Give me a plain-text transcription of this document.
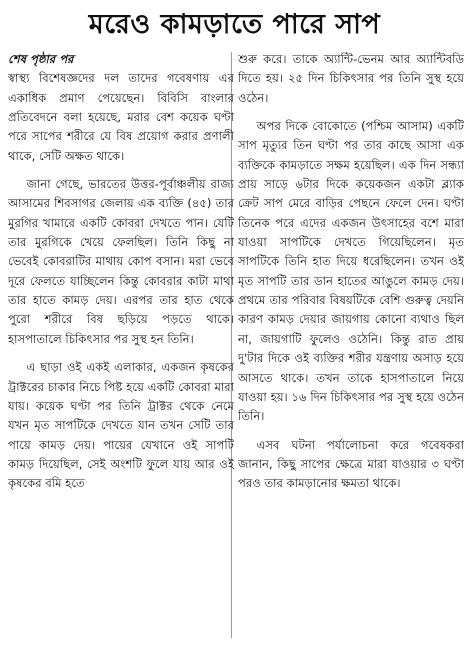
মরেও কামড়াতে পারে সাপ
শেষ পৃষ্ঠার পর

স্বাস্থ্য বিশেষজ্ঞদের দল তাদের গবেষণায় এর একাধিক প্রমাণ পেয়েছেন। বিবিসি বাংলার প্রতিবেদনে বলা হয়েছে, মরার বেশ কয়েক ঘণ্টা পরে সাপের শরীরে যে বিষ প্রয়োগ করার প্রণালী থাকে, সেটি অক্ষত থাকে।

জানা গেছে, ভারতের উত্তর-পূর্বাঞ্চলীয় রাজ্য আসামের শিবসাগর জেলায় এক ব্যক্তি (৪৫) তার মুরগির খামারে একটি কোবরা দেখতে পান। যেটি তার মুরগিকে খেয়ে ফেলছিল। তিনি কিছু না ভেবেই কোবরাটির মাথায় কোপ বসান। মরা ভেবে দূরে ফেলতে যাচ্ছিলেন কিন্তু কোবরার কাটা মাথা তার হাতে কামড় দেয়। এরপর তার হাত থেকে পুরো শরীরে বিষ ছড়িয়ে পড়তে থাকে। হাসপাতালে চিকিৎসার পর সুস্থ হন তিনি।

এ ছাড়া ওই একই এলাকার, একজন কৃষকের ট্রাক্টরের চাকার নিচে পিষ্ট হয়ে একটি কোবরা মারা যায়। কয়েক ঘণ্টা পর তিনি ট্রাক্টর থেকে নেমে যখন মৃত সাপটিকে দেখতে যান তখন সেটি তার পায়ে কামড় দেয়। পায়ের যেখানে ওই সাপটি কামড় দিয়েছিল, সেই অংশটি ফুলে যায় আর ওই কৃষকের বমি হতে

শুরু করে। তাকে অ্যান্টি-ভেনম আর অ্যান্টিবডি দিতে হয়। ২৫ দিন চিকিৎসার পর তিনি সুস্থ হয়ে ওঠেন।

অপর দিকে বোকোতে (পশ্চিম আসাম) একটি সাপ মৃত্যুর তিন ঘণ্টা পর তার কাছে আসা এক ব্যক্তিকে কামড়াতে সক্ষম হয়েছিল। এক দিন সন্ধ্যা প্রায় সাড়ে ৬টার দিকে কয়েকজন একটা ব্ল্যাক ক্রেট সাপ মেরে বাড়ির পেছনে ফেলে দেন। ঘণ্টা তিনেক পরে এদের একজন উৎসাহের বশে মারা যাওয়া সাপটিকে দেখতে গিয়েছিলেন। মৃত সাপটিকে তিনি হাত দিয়ে ধরেছিলেন। তখন ওই মৃত সাপটি তার ডান হাতের আঙুলে কামড় দেয়। প্রথমে তার পরিবার বিষয়টিকে বেশি গুরুত্ব দেয়নি কারণ কামড় দেয়ার জায়গায় কোনো ব্যথাও ছিল না, জায়গাটি ফুলেও ওঠেনি। কিন্তু রাত প্রায় দু'টার দিকে ওই ব্যক্তির শরীর যন্ত্রণায় অসাড় হয়ে আসতে থাকে। তখন তাকে হাসপাতালে নিয়ে যাওয়া হয়। ১৬ দিন চিকিৎসার পর সুস্থ হয়ে ওঠেন তিনি।

এসব ঘটনা পর্যালোচনা করে গবেষকরা জানান, কিছু সাপের ক্ষেত্রে মারা যাওয়ার ৩ ঘণ্টা পরও তার কামড়ানোর ক্ষমতা থাকে।
